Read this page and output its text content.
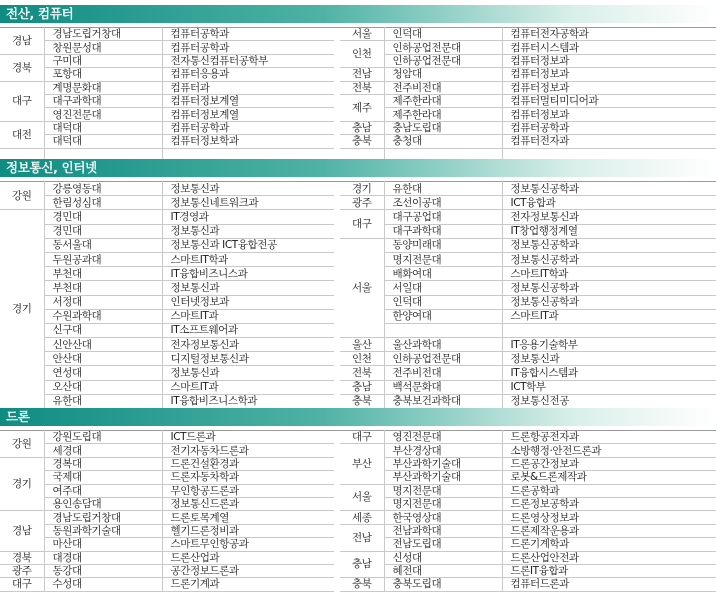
전산, 컴퓨터
경남	경남도립거창대	컴퓨터공학과		서울	인덕대	컴퓨터전자공학과
	창원문성대	컴퓨터공학과		인천	인하공업전문대	컴퓨터시스템과
경북	구미대	전자통신컴퓨터공학부			인하공업전문대	컴퓨터정보과
	포항대	컴퓨터응용과		전남	청암대	컴퓨터정보과
대구	계명문화대	컴퓨터과		전북	전주비전대	컴퓨터정보과
	대구과학대	컴퓨터정보계열		제주	제주한라대	컴퓨터멀티미디어과
	영진전문대	컴퓨터정보계열			제주한라대	컴퓨터정보과
대전	대덕대	컴퓨터공학과		충남	충남도립대	컴퓨터공학과
	대덕대	컴퓨터정보학과		충북	충청대	컴퓨터전자과

정보통신, 인터넷
강원	강릉영동대	정보통신과		경기	유한대	정보통신공학과
	한림성심대	정보통신네트워크과		광주	조선이공대	ICT융합과
경기	경민대	IT경영과		대구	대구공업대	전자정보통신과
	경민대	정보통신과			대구과학대	IT창업행정계열
	동서울대	정보통신과 ICT융합전공		서울	동양미래대	정보통신공학과
	두원공과대	스마트IT학과			명지전문대	정보통신공학과
	부천대	IT융합비즈니스과			배화여대	스마트IT학과
	부천대	정보통신과			서일대	정보통신공학과
	서정대	인터넷정보과			인덕대	정보통신공학과
	수원과학대	스마트IT과			한양여대	스마트IT과
	신구대	IT소프트웨어과				
	신안산대	전자정보통신과		울산	울산과학대	IT응용기술학부
	안산대	디지털정보통신과		인천	인하공업전문대	정보통신과
	연성대	정보통신과		전북	전주비전대	IT융합시스템과
	오산대	스마트IT과		충남	백석문화대	ICT학부
	유한대	IT융합비즈니스학과		충북	충북보건과학대	정보통신전공
드론
강원	강원도립대	ICT드론과		대구	영진전문대	드론항공전자과
	세경대	전기자동차드론과		부산	부산경상대	소방행정·안전드론과
경기	경복대	드론건설환경과			부산과학기술대	드론공간정보과
	국제대	드론자동차학과			부산과학기술대	로봇&드론제작과
	여주대	무인항공드론과		서울	명지전문대	드론공학과
	용인송담대	정보통신드론과			명지전문대	드론정보공학과
경남	경남도립거창대	드론토목계열		세종	한국영상대	드론영상정보과
	동원과학기술대	헬기드론정비과		전남	전남과학대	드론제작운용과
	마산대	스마트무인항공과			전남도립대	드론기계학과
경북	대경대	드론산업과		충남	신성대	드론산업안전과
광주	동강대	공간정보드론과			혜전대	드론IT융합과
대구	수성대	드론기계과		충북	충북도립대	컴퓨터드론과
